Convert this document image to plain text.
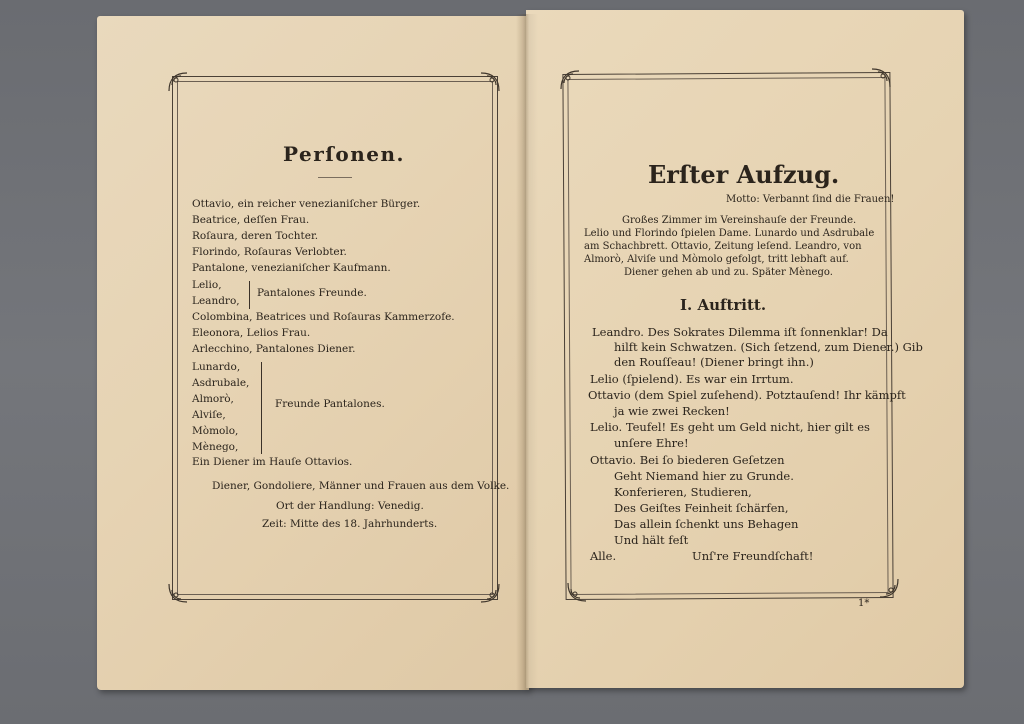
Perſonen.
Ottavio, ein reicher venezianiſcher Bürger.
Beatrice, deſſen Frau.
Roſaura, deren Tochter.
Florindo, Roſauras Verlobter.
Pantalone, venezianiſcher Kaufmann.
Lelio,
Leandro,
Pantalones Freunde.
Colombina, Beatrices und Roſauras Kammerzofe.
Eleonora, Lelios Frau.
Arlecchino, Pantalones Diener.
Lunardo,
Asdrubale,
Almorò,
Alviſe,
Mòmolo,
Mènego,
Freunde Pantalones.
Ein Diener im Hauſe Ottavios.
Diener, Gondoliere, Männer und Frauen aus dem Volke.
Ort der Handlung: Venedig.
Zeit: Mitte des 18. Jahrhunderts.
Erſter Aufzug.
Motto: Verbannt ſind die Frauen!
Großes Zimmer im Vereinshauſe der Freunde.
Lelio und Florindo ſpielen Dame. Lunardo und Asdrubale
am Schachbrett. Ottavio, Zeitung leſend. Leandro, von
Almorò, Alviſe und Mòmolo gefolgt, tritt lebhaft auf.
Diener gehen ab und zu. Später Mènego.
I. Auftritt.
Leandro. Des Sokrates Dilemma iſt ſonnenklar! Da
hilft kein Schwatzen. (Sich ſetzend, zum Diener.) Gib
den Rouſſeau! (Diener bringt ihn.)
Lelio (ſpielend). Es war ein Irrtum.
Ottavio (dem Spiel zuſehend). Potztauſend! Ihr kämpft
ja wie zwei Recken!
Lelio. Teufel! Es geht um Geld nicht, hier gilt es
unſere Ehre!
Ottavio. Bei ſo biederen Geſetzen
Geht Niemand hier zu Grunde.
Konferieren, Studieren,
Des Geiſtes Feinheit ſchärfen,
Das allein ſchenkt uns Behagen
Und hält feſt
Alle.	Unſ're Freundſchaft!
1*
